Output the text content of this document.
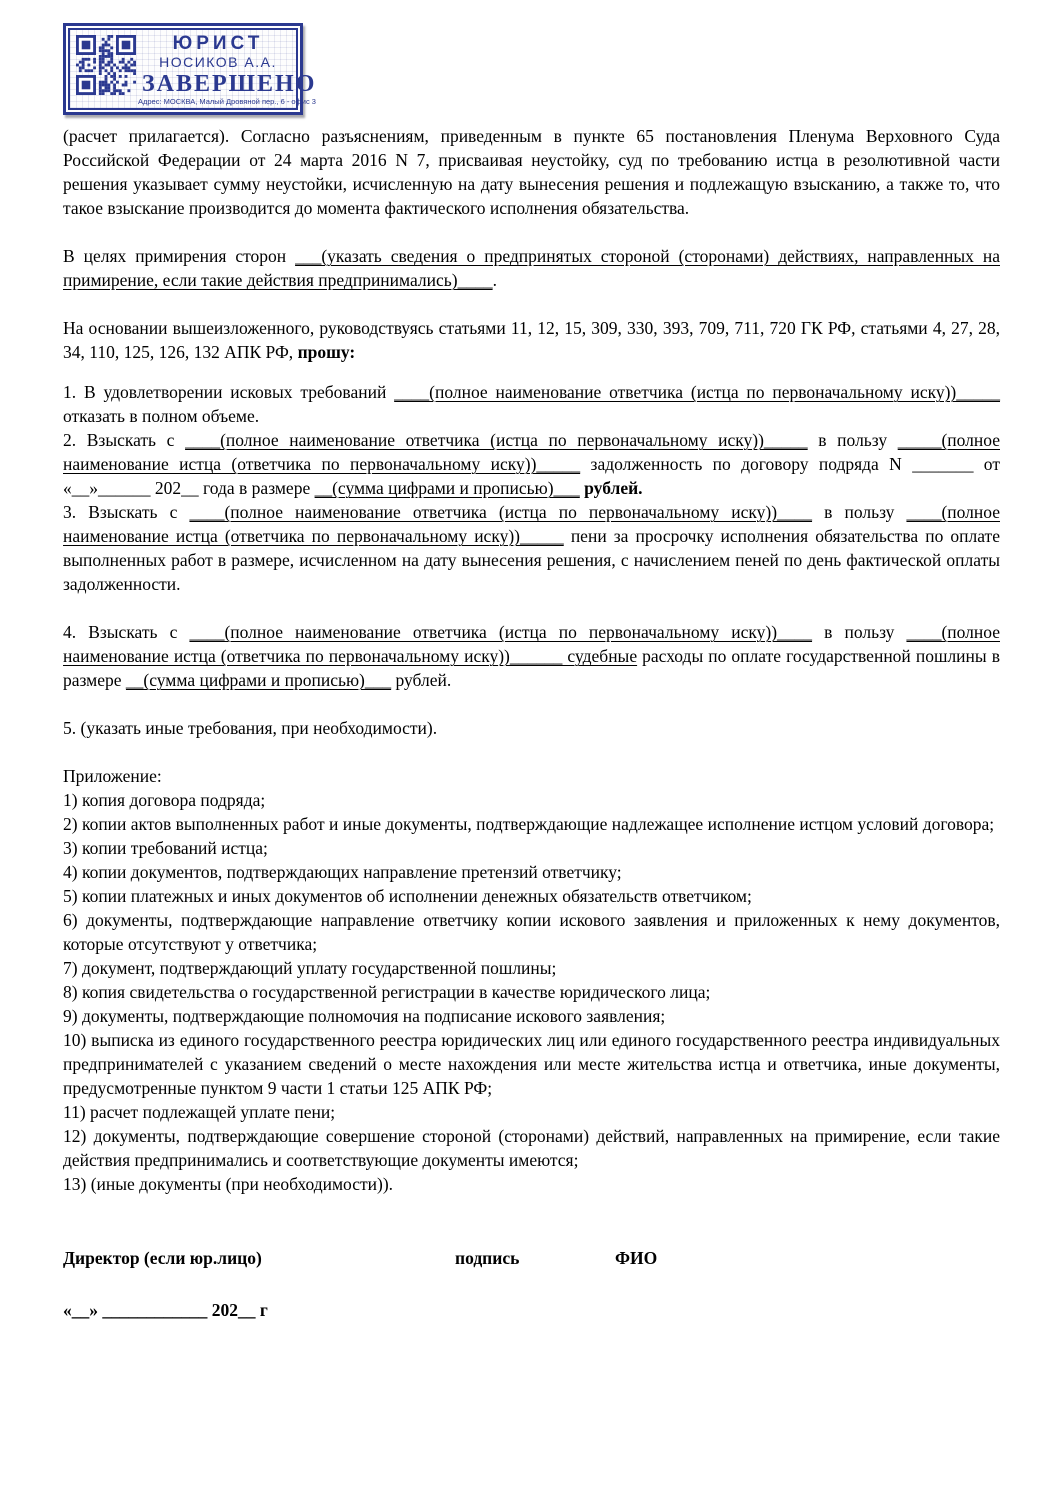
ЮРИСТ
НОСИКОВ А.А.
ЗАВЕРШЕНО
Адрес: МОСКВА, Малый Дровяной пер., 6 - офис 3

(расчет прилагается). Согласно разъяснениям, приведенным в пункте 65 постановления Пленума Верховного Суда Российской Федерации от 24 марта 2016 N 7, присваивая неустойку, суд по требованию истца в резолютивной части решения указывает сумму неустойки, исчисленную на дату вынесения решения и подлежащую взысканию, а также то, что такое взыскание производится до момента фактического исполнения обязательства.

В целях примирения сторон ___(указать сведения о предпринятых стороной (сторонами) действиях, направленных на примирение, если такие действия предпринимались)____.

На основании вышеизложенного, руководствуясь статьями 11, 12, 15, 309, 330, 393, 709, 711, 720 ГК РФ, статьями 4, 27, 28, 34, 110, 125, 126, 132 АПК РФ, прошу:

1. В удовлетворении исковых требований ____(полное наименование ответчика (истца по первоначальному иску))_____ отказать в полном объеме.

2. Взыскать с ____(полное наименование ответчика (истца по первоначальному иску))_____ в пользу _____(полное наименование истца (ответчика по первоначальному иску))_____ задолженность по договору подряда N _______ от «__»______ 202__ года в размере __(сумма цифрами и прописью)___ рублей.

3. Взыскать с ____(полное наименование ответчика (истца по первоначальному иску))____ в пользу ____(полное наименование истца (ответчика по первоначальному иску))_____ пени за просрочку исполнения обязательства по оплате выполненных работ в размере, исчисленном на дату вынесения решения, с начислением пеней по день фактической оплаты задолженности.

4. Взыскать с ____(полное наименование ответчика (истца по первоначальному иску))____ в пользу ____(полное наименование истца (ответчика по первоначальному иску))______ судебные расходы по оплате государственной пошлины в размере __(сумма цифрами и прописью)___ рублей.

5. (указать иные требования, при необходимости).

Приложение:

1) копия договора подряда;
2) копии актов выполненных работ и иные документы, подтверждающие надлежащее исполнение истцом условий договора;
3) копии требований истца;
4) копии документов, подтверждающих направление претензий ответчику;
5) копии платежных и иных документов об исполнении денежных обязательств ответчиком;
6) документы, подтверждающие направление ответчику копии искового заявления и приложенных к нему документов, которые отсутствуют у ответчика;
7) документ, подтверждающий уплату государственной пошлины;
8) копия свидетельства о государственной регистрации в качестве юридического лица;
9) документы, подтверждающие полномочия на подписание искового заявления;
10) выписка из единого государственного реестра юридических лиц или единого государственного реестра индивидуальных предпринимателей с указанием сведений о месте нахождения или месте жительства истца и ответчика, иные документы, предусмотренные пунктом 9 части 1 статьи 125 АПК РФ;
11) расчет подлежащей уплате пени;
12) документы, подтверждающие совершение стороной (сторонами) действий, направленных на примирение, если такие действия предпринимались и соответствующие документы имеются;
13) (иные документы (при необходимости)).
Директор (если юр.лицо)	подпись	ФИО
«__» ____________ 202__ г
